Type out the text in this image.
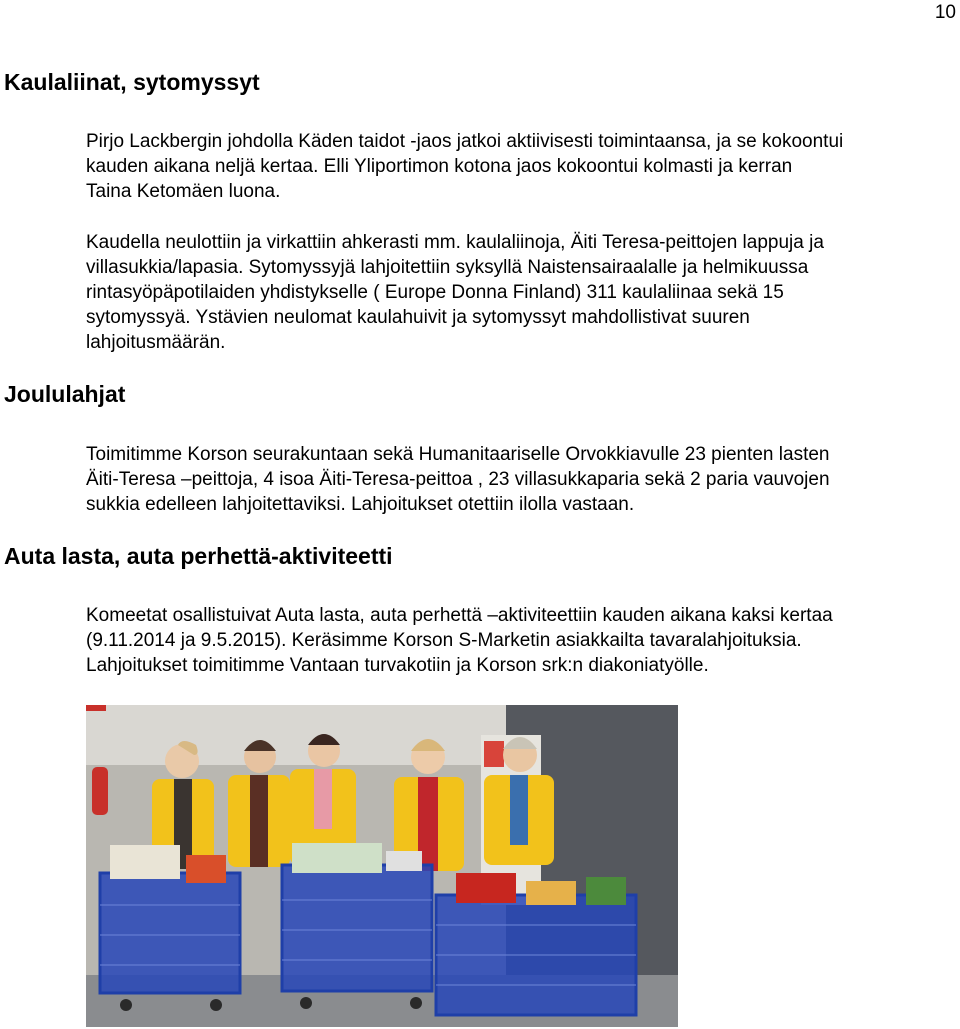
10
Kaulaliinat, sytomyssyt

Pirjo Lackbergin johdolla Käden taidot -jaos jatkoi aktiivisesti toimintaansa, ja se kokoontui
kauden aikana neljä kertaa. Elli Yliportimon kotona jaos kokoontui kolmasti ja kerran
Taina Ketomäen luona.

Kaudella neulottiin ja virkattiin ahkerasti mm. kaulaliinoja, Äiti Teresa-peittojen lappuja ja
villasukkia/lapasia. Sytomyssyjä lahjoitettiin syksyllä Naistensairaalalle ja helmikuussa
rintasyöpäpotilaiden yhdistykselle ( Europe Donna Finland) 311 kaulaliinaa sekä 15
sytomyssyä. Ystävien neulomat kaulahuivit ja sytomyssyt mahdollistivat suuren
lahjoitusmäärän.

Joululahjat

Toimitimme Korson seurakuntaan sekä Humanitaariselle Orvokkiavulle 23 pienten lasten
Äiti-Teresa –peittoja, 4 isoa Äiti-Teresa-peittoa , 23 villasukkaparia sekä 2 paria vauvojen
sukkia edelleen lahjoitettaviksi. Lahjoitukset otettiin ilolla vastaan.

Auta lasta, auta perhettä-aktiviteetti

Komeetat osallistuivat Auta lasta, auta perhettä –aktiviteettiin kauden aikana kaksi kertaa
(9.11.2014 ja 9.5.2015). Keräsimme Korson S-Marketin asiakkailta tavaralahjoituksia.
Lahjoitukset toimitimme Vantaan turvakotiin ja Korson srk:n diakoniatyölle.
